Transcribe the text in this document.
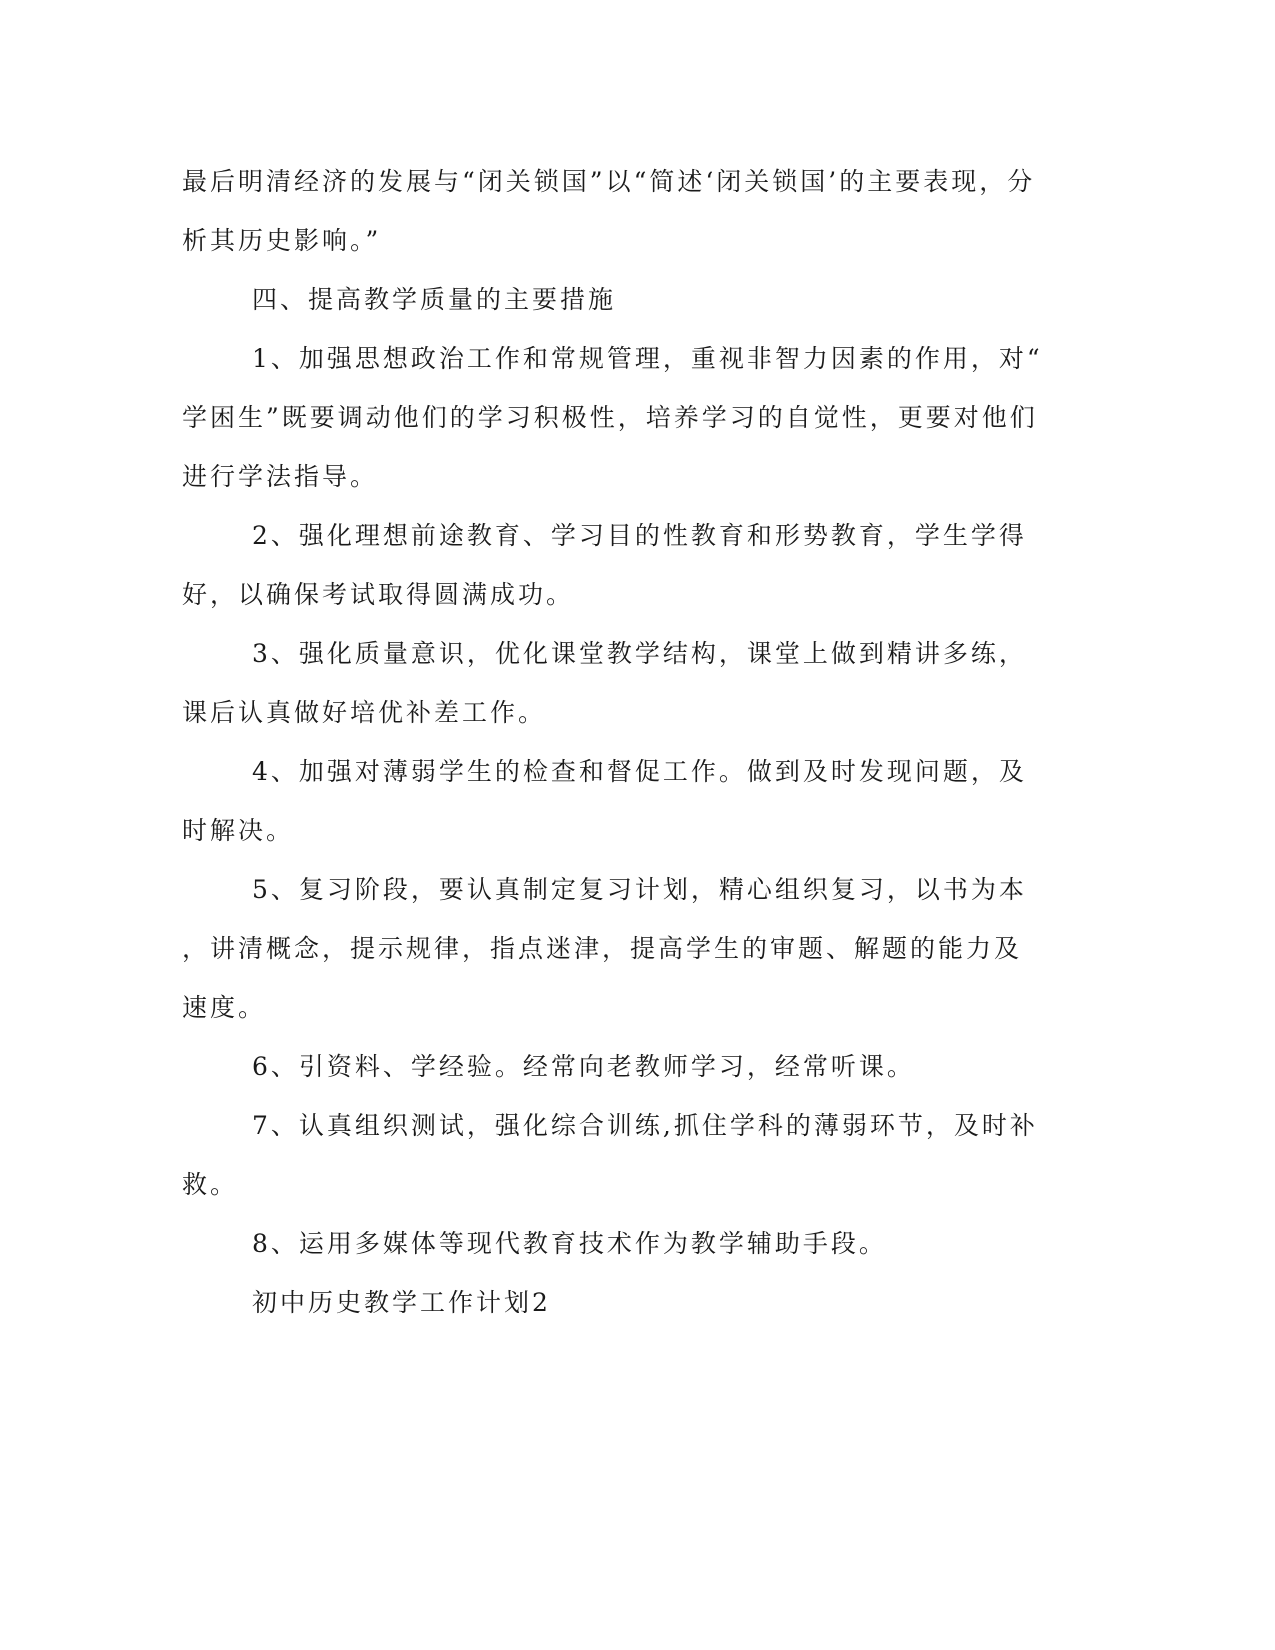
最后明清经济的发展与“闭关锁国”以“简述‘闭关锁国’的主要表现，分
析其历史影响。”
四、提高教学质量的主要措施
1、加强思想政治工作和常规管理，重视非智力因素的作用，对“
学困生”既要调动他们的学习积极性，培养学习的自觉性，更要对他们
进行学法指导。
2、强化理想前途教育、学习目的性教育和形势教育，学生学得
好，以确保考试取得圆满成功。
3、强化质量意识，优化课堂教学结构，课堂上做到精讲多练，
课后认真做好培优补差工作。
4、加强对薄弱学生的检查和督促工作。做到及时发现问题，及
时解决。
5、复习阶段，要认真制定复习计划，精心组织复习，以书为本
，讲清概念，提示规律，指点迷津，提高学生的审题、解题的能力及
速度。
6、引资料、学经验。经常向老教师学习，经常听课。
7、认真组织测试，强化综合训练,抓住学科的薄弱环节，及时补
救。
8、运用多媒体等现代教育技术作为教学辅助手段。
初中历史教学工作计划2
